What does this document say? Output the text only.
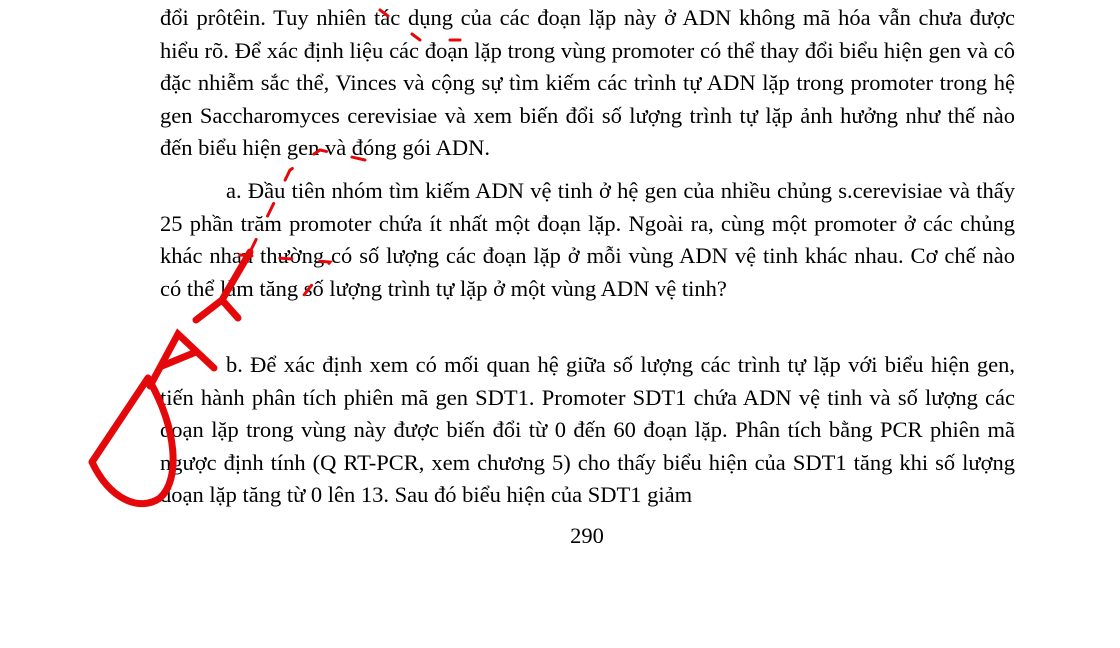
đổi prôtêin. Tuy nhiên tác dụng của các đoạn lặp này ở ADN không mã hóa vẫn chưa được hiểu rõ. Để xác định liệu các đoạn lặp trong vùng promoter có thể thay đổi biểu hiện gen và cô đặc nhiễm sắc thể, Vinces và cộng sự tìm kiếm các trình tự ADN lặp trong promoter trong hệ gen Saccharomyces cerevisiae và xem biến đổi số lượng trình tự lặp ảnh hưởng như thế nào đến biểu hiện gen và đóng gói ADN.

a. Đầu tiên nhóm tìm kiếm ADN vệ tinh ở hệ gen của nhiều chủng s.cerevisiae và thấy 25 phần trăm promoter chứa ít nhất một đoạn lặp. Ngoài ra, cùng một promoter ở các chủng khác nhau thường có số lượng các đoạn lặp ở mỗi vùng ADN vệ tinh khác nhau. Cơ chế nào có thể làm tăng số lượng trình tự lặp ở một vùng ADN vệ tinh?

b. Để xác định xem có mối quan hệ giữa số lượng các trình tự lặp với biểu hiện gen, tiến hành phân tích phiên mã gen SDT1. Promoter SDT1 chứa ADN vệ tinh và số lượng các đoạn lặp trong vùng này được biến đổi từ 0 đến 60 đoạn lặp. Phân tích bằng PCR phiên mã ngược định tính (Q RT-PCR, xem chương 5) cho thấy biểu hiện của SDT1 tăng khi số lượng đoạn lặp tăng từ 0 lên 13. Sau đó biểu hiện của SDT1 giảm

290
